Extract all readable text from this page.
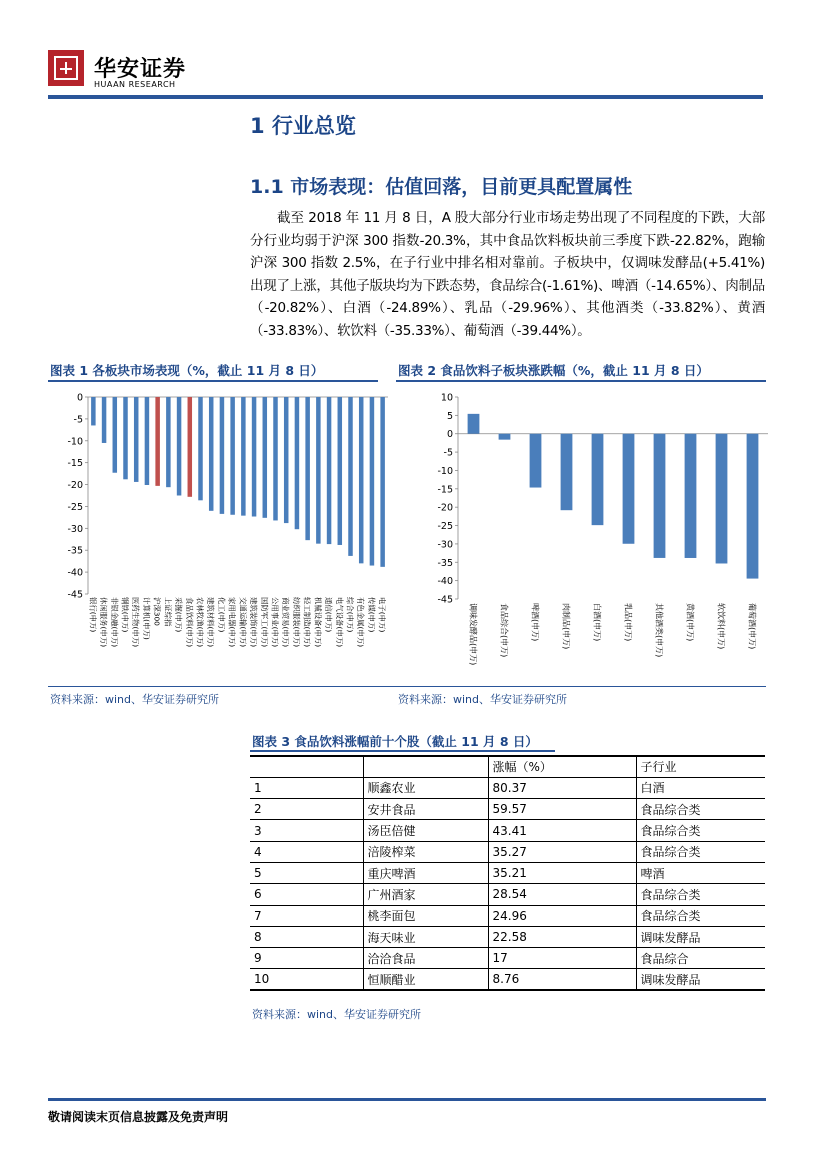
华安证券
HUAAN RESEARCH
1 行业总览
1.1 市场表现：估值回落，目前更具配置属性
截至 2018 年 11 月 8 日，A 股大部分行业市场走势出现了不同程度的下跌，大部分行业均弱于沪深 300 指数-20.3%，其中食品饮料板块前三季度下跌-22.82%，跑输沪深 300 指数 2.5%，在子行业中排名相对靠前。子板块中，仅调味发酵品(+5.41%)出现了上涨，其他子版块均为下跌态势，食品综合(-1.61%)、啤酒（-14.65%）、肉制品（-20.82%）、白酒（-24.89%）、乳品（-29.96%）、其他酒类（-33.82%）、黄酒（-33.83%）、软饮料（-35.33%）、葡萄酒（-39.44%）。
图表 1 各板块市场表现（%，截止 11 月 8 日）	图表 2 食品饮料子板块涨跌幅（%，截止 11 月 8 日）
0
-5
-10
-15
-20
-25
-30
-35
-40
-45
银行(申万) 休闲服务(申万) 非银金融(申万) 钢铁(申万) 医药生物(申万) 计算机(申万) 沪深300 上证综指 采掘(申万) 食品饮料(申万) 农林牧渔(申万) 建筑材料(申万) 化工(申万) 家用电器(申万) 交通运输(申万) 建筑装饰(申万) 国防军工(申万) 公用事业(申万) 商业贸易(申万) 纺织服装(申万) 轻工制造(申万) 机械设备(申万) 通信(申万) 电气设备(申万) 综合(申万) 有色金属(申万) 传媒(申万) 电子(申万)
10
5
0
-5
-10
-15
-20
-25
-30
-35
-40
-45
调味发酵品(申万)	食品综合(申万)	啤酒(申万)	肉制品(申万)	白酒(申万)	乳品(申万)	其他酒类(申万)	黄酒(申万)	软饮料(申万)	葡萄酒(申万)
资料来源：wind、华安证券研究所	资料来源：wind、华安证券研究所
图表 3 食品饮料涨幅前十个股（截止 11 月 8 日）
		涨幅（%）	子行业
1	顺鑫农业	80.37	白酒
2	安井食品	59.57	食品综合类
3	汤臣倍健	43.41	食品综合类
4	涪陵榨菜	35.27	食品综合类
5	重庆啤酒	35.21	啤酒
6	广州酒家	28.54	食品综合类
7	桃李面包	24.96	食品综合类
8	海天味业	22.58	调味发酵品
9	洽洽食品	17	食品综合
10	恒顺醋业	8.76	调味发酵品
资料来源：wind、华安证券研究所
敬请阅读末页信息披露及免责声明
